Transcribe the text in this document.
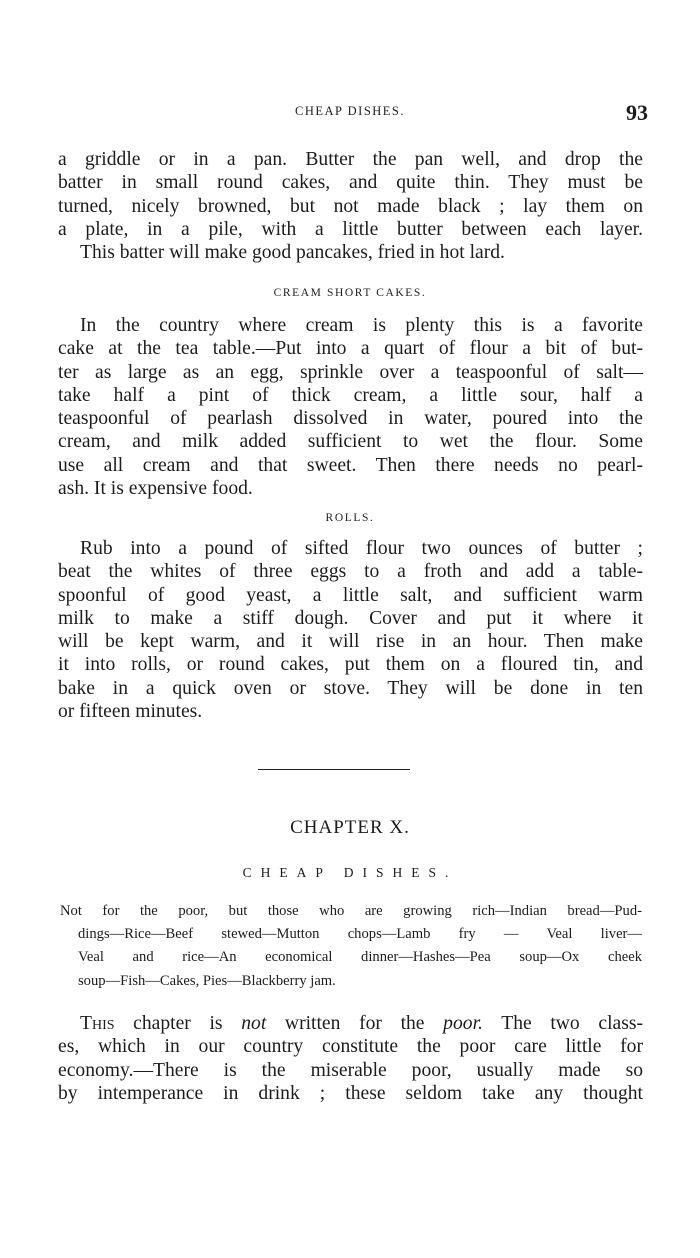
CHEAP DISHES.	93
a griddle or in a pan. Butter the pan well, and drop the
batter in small round cakes, and quite thin. They must be
turned, nicely browned, but not made black ; lay them on
a plate, in a pile, with a little butter between each layer.
This batter will make good pancakes, fried in hot lard.
CREAM SHORT CAKES.
In the country where cream is plenty this is a favorite
cake at the tea table.—Put into a quart of flour a bit of but-
ter as large as an egg, sprinkle over a teaspoonful of salt—
take half a pint of thick cream, a little sour, half a
teaspoonful of pearlash dissolved in water, poured into the
cream, and milk added sufficient to wet the flour. Some
use all cream and that sweet. Then there needs no pearl-
ash. It is expensive food.
ROLLS.
Rub into a pound of sifted flour two ounces of butter ;
beat the whites of three eggs to a froth and add a table-
spoonful of good yeast, a little salt, and sufficient warm
milk to make a stiff dough. Cover and put it where it
will be kept warm, and it will rise in an hour. Then make
it into rolls, or round cakes, put them on a floured tin, and
bake in a quick oven or stove. They will be done in ten
or fifteen minutes.
CHAPTER X.
CHEAP DISHES.
Not for the poor, but those who are growing rich—Indian bread—Pud-
dings—Rice—Beef stewed—Mutton chops—Lamb fry — Veal liver—
Veal and rice—An economical dinner—Hashes—Pea soup—Ox cheek
soup—Fish—Cakes, Pies—Blackberry jam.
This chapter is not written for the poor. The two class-
es, which in our country constitute the poor care little for
economy.—There is the miserable poor, usually made so
by intemperance in drink ; these seldom take any thought
